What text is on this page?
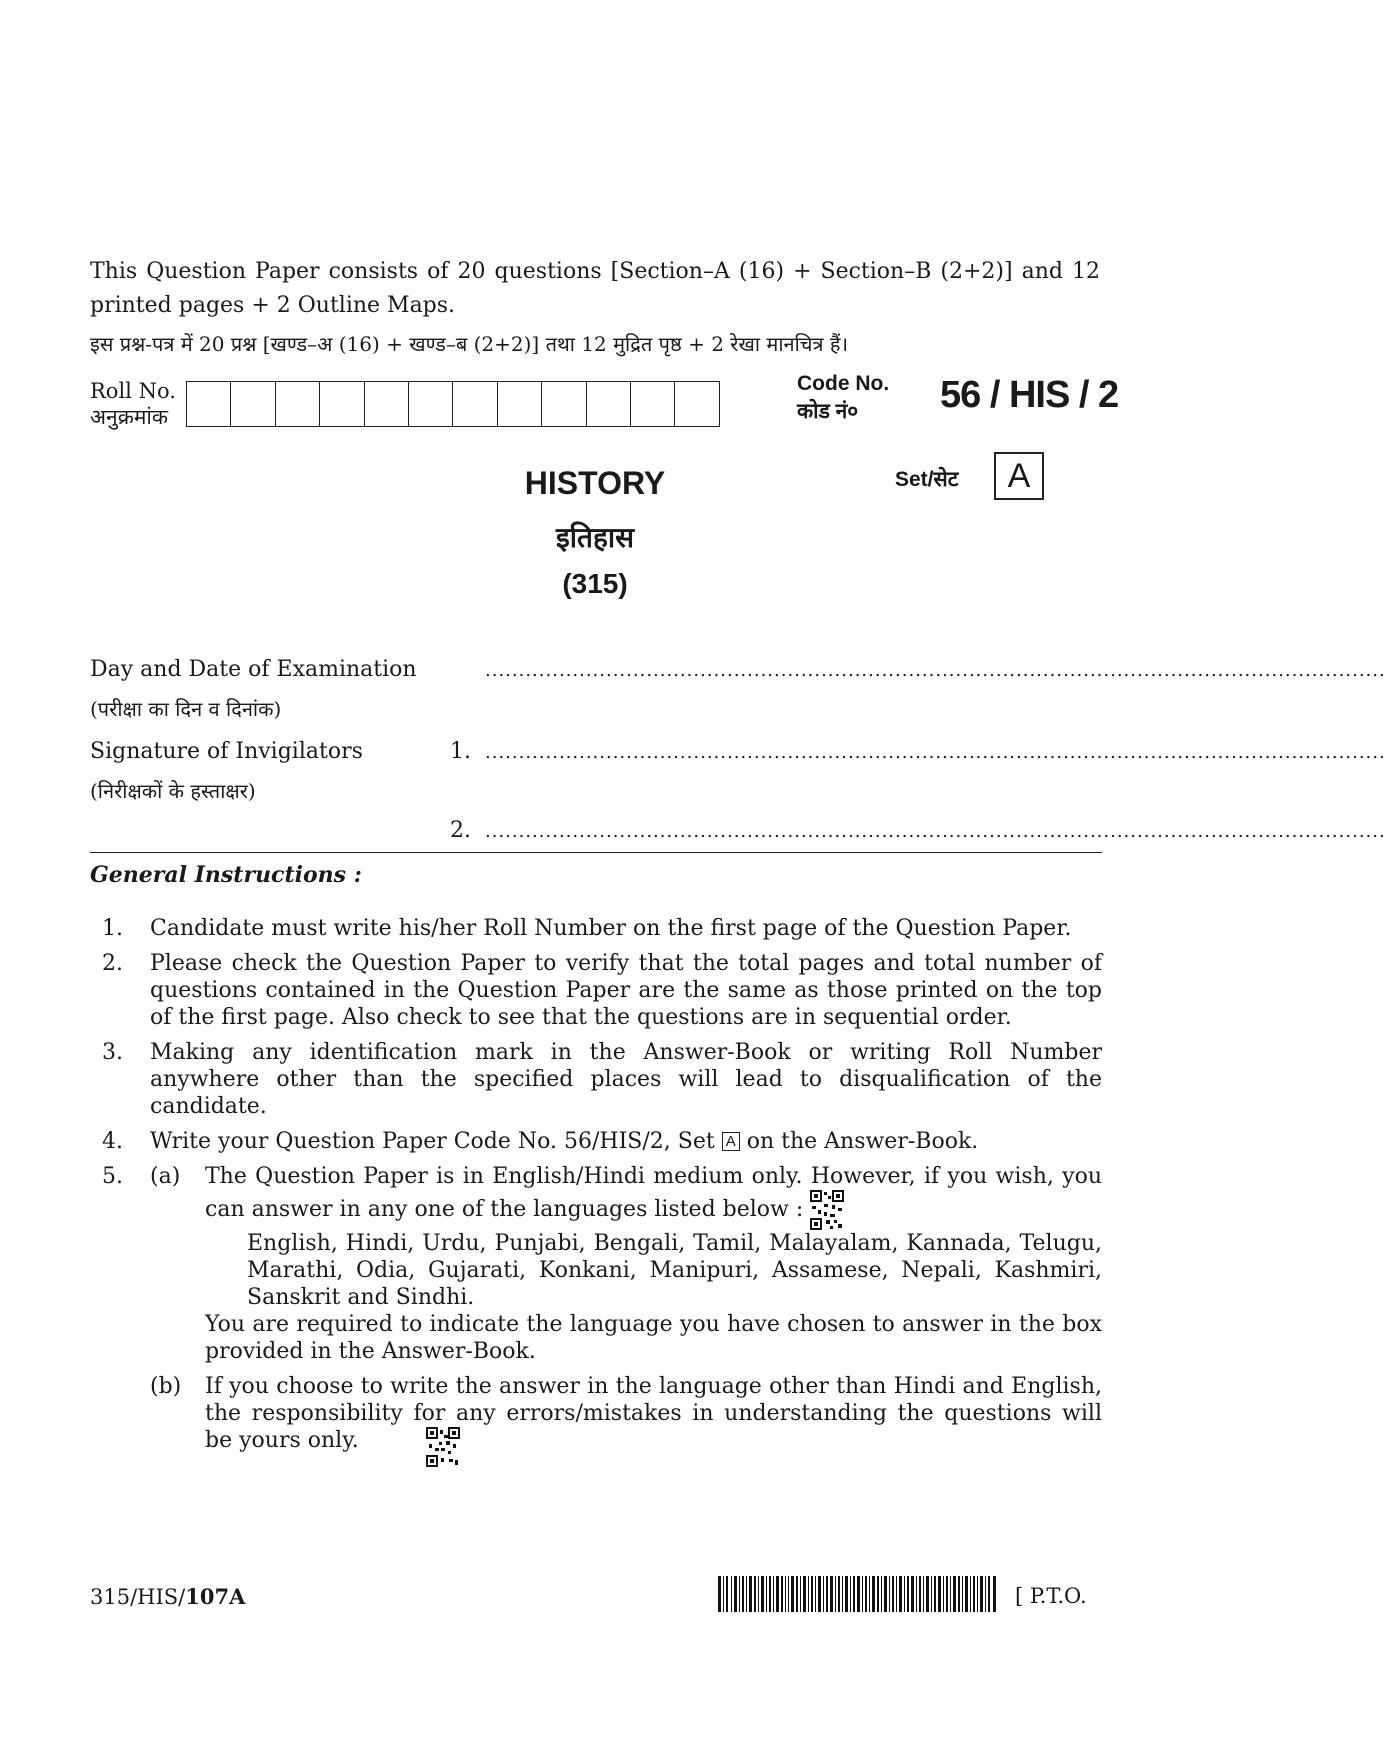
This Question Paper consists of 20 questions [Section–A (16) + Section–B (2+2)] and 12 printed pages + 2 Outline Maps.
इस प्रश्न-पत्र में 20 प्रश्न [खण्ड–अ (16) + खण्ड–ब (2+2)] तथा 12 मुद्रित पृष्ठ + 2 रेखा मानचित्र हैं।
Roll No.
अनुक्रमांक
Code No.
कोड नं०	56 / HIS / 2
Set/सेट	A
HISTORY
इतिहास
(315)
Day and Date of Examination	......................................................................................................................................
(परीक्षा का दिन व दिनांक)
Signature of Invigilators	1. ......................................................................................................................................
(निरीक्षकों के हस्ताक्षर)
2. ......................................................................................................................................
General Instructions :
1. Candidate must write his/her Roll Number on the first page of the Question Paper.
2. Please check the Question Paper to verify that the total pages and total number of questions contained in the Question Paper are the same as those printed on the top of the first page. Also check to see that the questions are in sequential order.
3. Making any identification mark in the Answer-Book or writing Roll Number anywhere other than the specified places will lead to disqualification of the candidate.
4. Write your Question Paper Code No. 56/HIS/2, Set A on the Answer-Book.
5. (a) The Question Paper is in English/Hindi medium only. However, if you wish, you can answer in any one of the languages listed below :
English, Hindi, Urdu, Punjabi, Bengali, Tamil, Malayalam, Kannada, Telugu, Marathi, Odia, Gujarati, Konkani, Manipuri, Assamese, Nepali, Kashmiri, Sanskrit and Sindhi.
You are required to indicate the language you have chosen to answer in the box provided in the Answer-Book.
(b) If you choose to write the answer in the language other than Hindi and English, the responsibility for any errors/mistakes in understanding the questions will be yours only.
315/HIS/107A	[ P.T.O.
